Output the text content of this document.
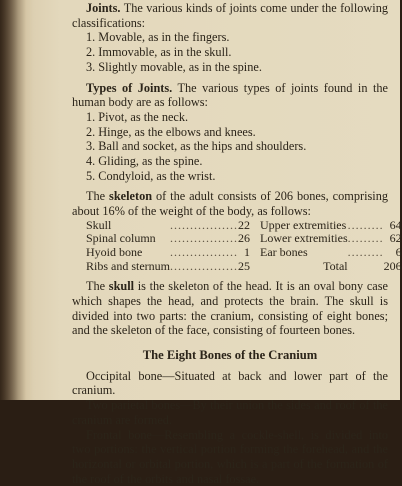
Joints. The various kinds of joints come under the following classifications:

1. Movable, as in the fingers.
2. Immovable, as in the skull.
3. Slightly movable, as in the spine.

Types of Joints. The various types of joints found in the human body are as follows:

1. Pivot, as the neck.
2. Hinge, as the elbows and knees.
3. Ball and socket, as the hips and shoulders.
4. Gliding, as the spine.
5. Condyloid, as the wrist.

The skeleton of the adult consists of 206 bones, comprising about 16% of the weight of the body, as follows:

Skull	.................	22	Upper extremities	.........	64
Spinal column	.................	26	Lower extremities	.........	62
Hyoid bone	.................	1	Ear bones	.........	6
Ribs and sternum	.................	25	Total		206

The skull is the skeleton of the head. It is an oval bony case which shapes the head, and protects the brain. The skull is divided into two parts: the cranium, consisting of eight bones; and the skeleton of the face, consisting of fourteen bones.

The Eight Bones of the Cranium

Occipital bone—Situated at back and lower part of the cranium.

Two parietal bones—By their union the sides and roof of the cranium are formed.

Frontal bone—Resembling a cockle-shell, is divided into two portions: the vertical portion forming the forehead, and the horizontal or orbital portion, which is a part of the formation of the roof of the orbits and nasal fossae.
